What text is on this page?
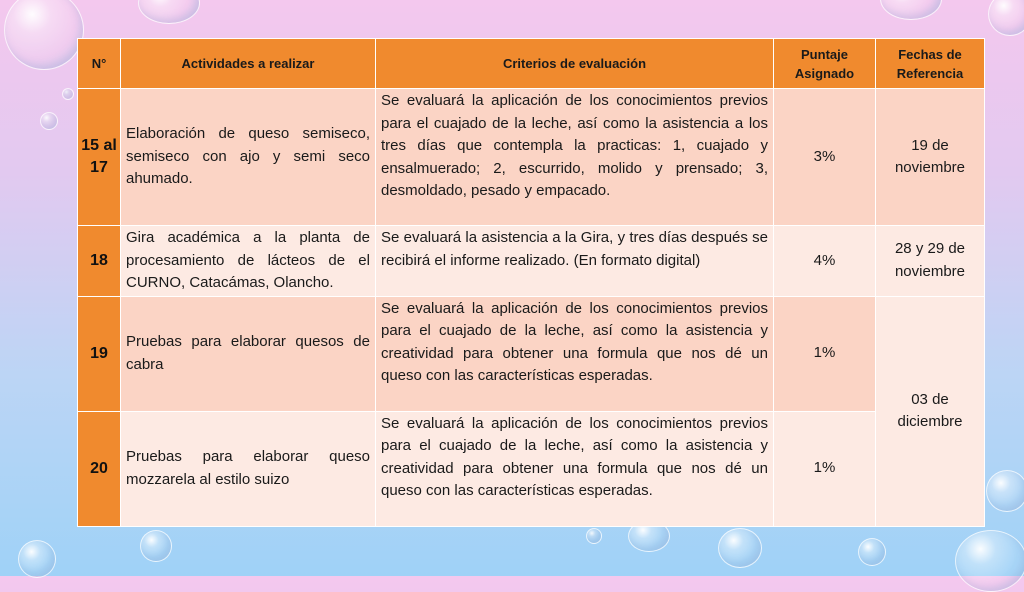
N°	Actividades a realizar	Criterios de evaluación	Puntaje Asignado	Fechas de Referencia
15 al 17	Elaboración de queso semiseco, semiseco con ajo y semi seco ahumado.	Se evaluará la aplicación de los conocimientos previos para el cuajado de la leche, así como la asistencia a los tres días que contempla la practicas: 1, cuajado y ensalmuerado; 2, escurrido, molido y prensado; 3, desmoldado, pesado y empacado.	3%	19 de noviembre
18	Gira académica a la planta de procesamiento de lácteos de el CURNO, Catacámas, Olancho.	Se evaluará la asistencia a la Gira, y tres días después se recibirá el informe realizado. (En formato digital)	4%	28 y 29 de noviembre
19	Pruebas para elaborar quesos de cabra	Se evaluará la aplicación de los conocimientos previos para el cuajado de la leche, así como la asistencia y creatividad para obtener una formula que nos dé un queso con las características esperadas.	1%	03 de diciembre
20	Pruebas para elaborar queso mozzarela al estilo suizo	Se evaluará la aplicación de los conocimientos previos para el cuajado de la leche, así como la asistencia y creatividad para obtener una formula que nos dé un queso con las características esperadas.	1%	
